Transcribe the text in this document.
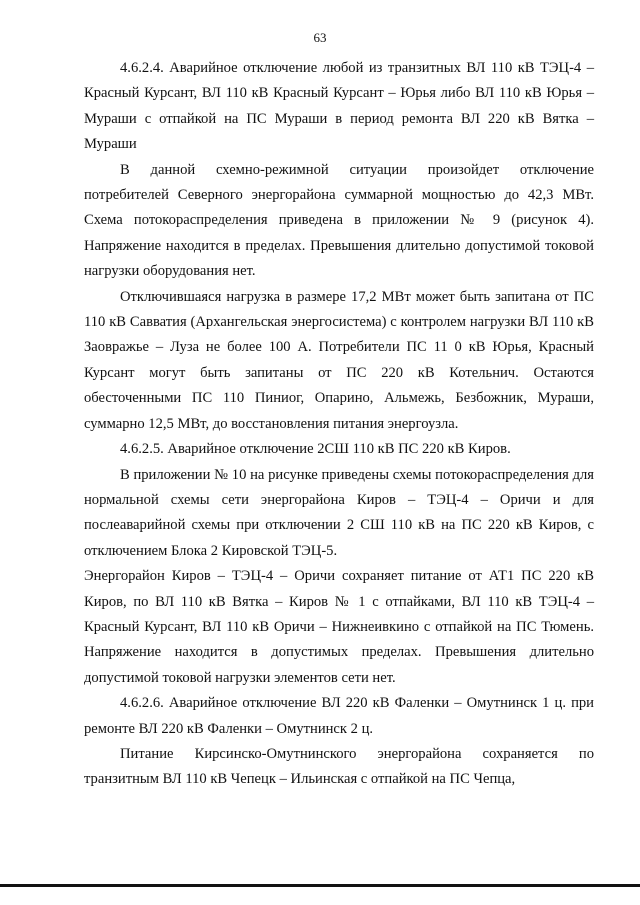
63

4.6.2.4. Аварийное отключение любой из транзитных ВЛ 110 кВ ТЭЦ-4 – Красный Курсант, ВЛ 110 кВ Красный Курсант – Юрья либо ВЛ 110 кВ Юрья – Мураши с отпайкой на ПС Мураши в период ремонта ВЛ 220 кВ Вятка – Мураши

В данной схемно-режимной ситуации произойдет отключение потребителей Северного энергорайона суммарной мощностью до 42,3 МВт. Схема потокораспределения приведена в приложении № 9 (рисунок 4). Напряжение находится в пределах. Превышения длительно допустимой токовой нагрузки оборудования нет.

Отключившаяся нагрузка в размере 17,2 МВт может быть запитана от ПС 110 кВ Савватия (Архангельская энергосистема) с контролем нагрузки ВЛ 110 кВ Заовражье – Луза не более 100 А. Потребители ПС 11 0 кВ Юрья, Красный Курсант могут быть запитаны от ПС 220 кВ Котельнич. Остаются обесточенными ПС 110 Пиниог, Опарино, Альмежь, Безбожник, Мураши, суммарно 12,5 МВт, до восстановления питания энергоузла.

4.6.2.5. Аварийное отключение 2СШ 110 кВ ПС 220 кВ Киров.

В приложении № 10 на рисунке приведены схемы потокораспределения для нормальной схемы сети энергорайона Киров – ТЭЦ-4 – Оричи и для послеаварийной схемы при отключении 2 СШ 110 кВ на ПС 220 кВ Киров, с отключением Блока 2 Кировской ТЭЦ-5.

Энергорайон Киров – ТЭЦ-4 – Оричи сохраняет питание от АТ1 ПС 220 кВ Киров, по ВЛ 110 кВ Вятка – Киров № 1 с отпайками, ВЛ 110 кВ ТЭЦ-4 – Красный Курсант, ВЛ 110 кВ Оричи – Нижнеивкино с отпайкой на ПС Тюмень. Напряжение находится в допустимых пределах. Превышения длительно допустимой токовой нагрузки элементов сети нет.

4.6.2.6. Аварийное отключение ВЛ 220 кВ Фаленки – Омутнинск 1 ц. при ремонте ВЛ 220 кВ Фаленки – Омутнинск 2 ц.

Питание Кирсинско-Омутнинского энергорайона сохраняется по транзитным ВЛ 110 кВ Чепецк – Ильинская с отпайкой на ПС Чепца,
